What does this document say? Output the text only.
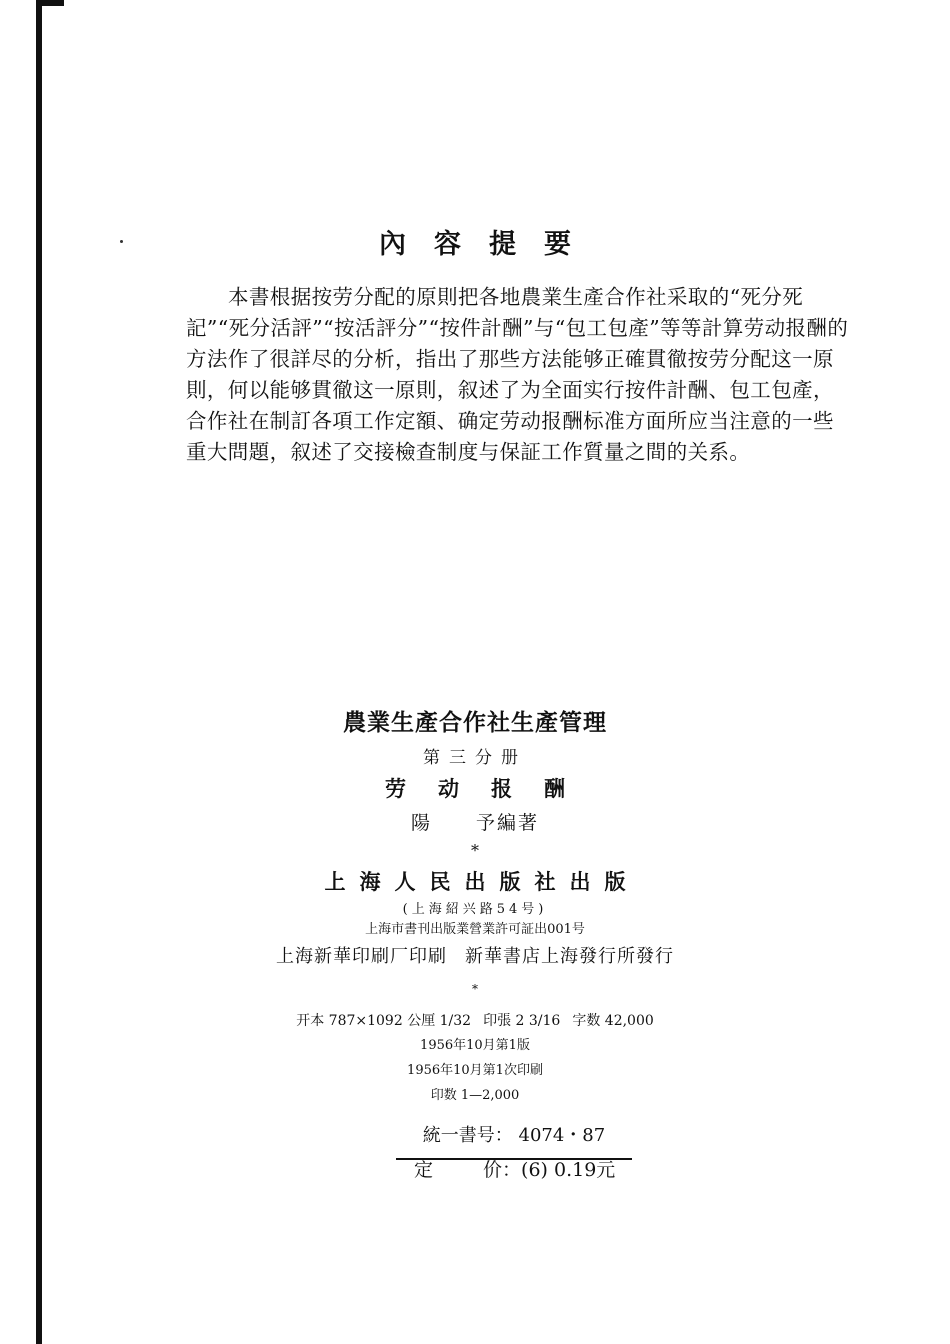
內容提要
本書根据按劳分配的原則把各地農業生產合作社采取的“死分死記”“死分活評”“按活評分”“按件計酬”与“包工包產”等等計算劳动报酬的方法作了很詳尽的分析，指出了那些方法能够正確貫徹按劳分配这一原則，何以能够貫徹这一原則，叙述了为全面实行按件計酬、包工包產，合作社在制訂各項工作定額、确定劳动报酬标准方面所应当注意的一些重大問題，叙述了交接檢查制度与保証工作質量之間的关系。
農業生產合作社生產管理
第三分册
劳动报酬
陽 予編著
*
上海人民出版社出版
(上海紹兴路54号)
上海市書刊出版業營業許可証出001号
上海新華印刷厂印刷 新華書店上海發行所發行
*
开本 787×1092 公厘 1/32 印張 2 3/16 字数 42,000
1956年10月第1版
1956年10月第1次印刷
印数 1—2,000
統一書号： 4074・87
定	价：(6) 0.19元
